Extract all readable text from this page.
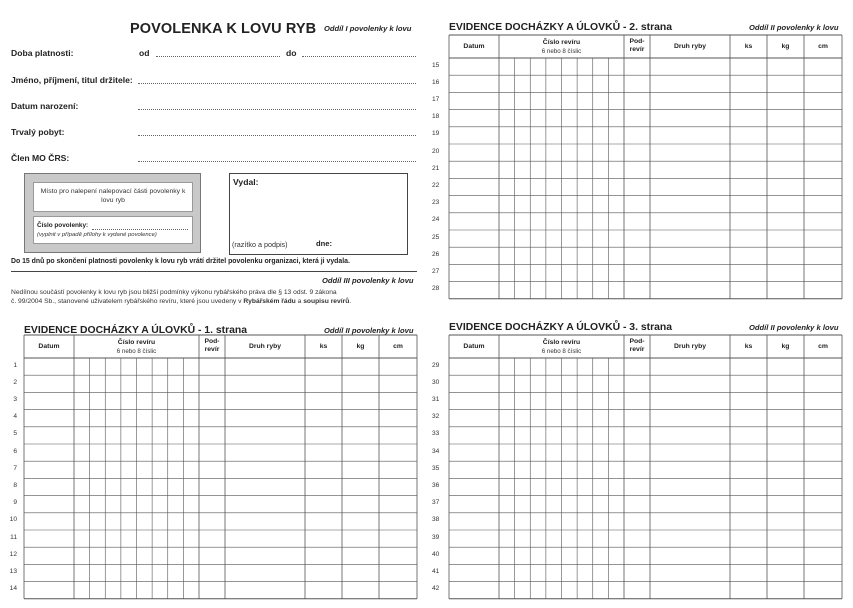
POVOLENKA K LOVU RYB Oddíl I povolenky k lovu
Doba platnosti:	od	do
Jméno, příjmení, titul držitele:
Datum narození:
Trvalý pobyt:
Člen MO ČRS:
Místo pro nalepení nalepovací části povolenky k lovu ryb
Číslo povolenky:
(vyplnit v případě přílohy k vydané povolence)
Vydal:
(razítko a podpis)	dne:
Do 15 dnů po skončení platnosti povolenky k lovu ryb vrátí držitel povolenku organizaci, která ji vydala.
Oddíl III povolenky k lovu
Nedílnou součástí povolenky k lovu ryb jsou bližší podmínky výkonu rybářského práva dle § 13 odst. 9 zákona
č. 99/2004 Sb., stanovené uživatelem rybářského revíru, které jsou uvedeny v Rybářském řádu a soupisu revírů.
EVIDENCE DOCHÁZKY A ÚLOVKŮ - 1. strana	Oddíl II povolenky k lovu
Datum
Číslo revíru
6 nebo 8 číslic
Pod-
revír	Druh ryby	ks	kg	cm
1
2
3
4
5
6
7
8
9
10
11
12
13
14
EVIDENCE DOCHÁZKY A ÚLOVKŮ - 2. strana	Oddíl II povolenky k lovu
Datum
Číslo revíru
6 nebo 8 číslic
Pod-
revír	Druh ryby	ks	kg	cm
15
16
17
18
19
20
21
22
23
24
25
26
27
28
EVIDENCE DOCHÁZKY A ÚLOVKŮ - 3. strana	Oddíl II povolenky k lovu
Datum
Číslo revíru
6 nebo 8 číslic
Pod-
revír	Druh ryby	ks	kg	cm
29
30
31
32
33
34
35
36
37
38
39
40
41
42
